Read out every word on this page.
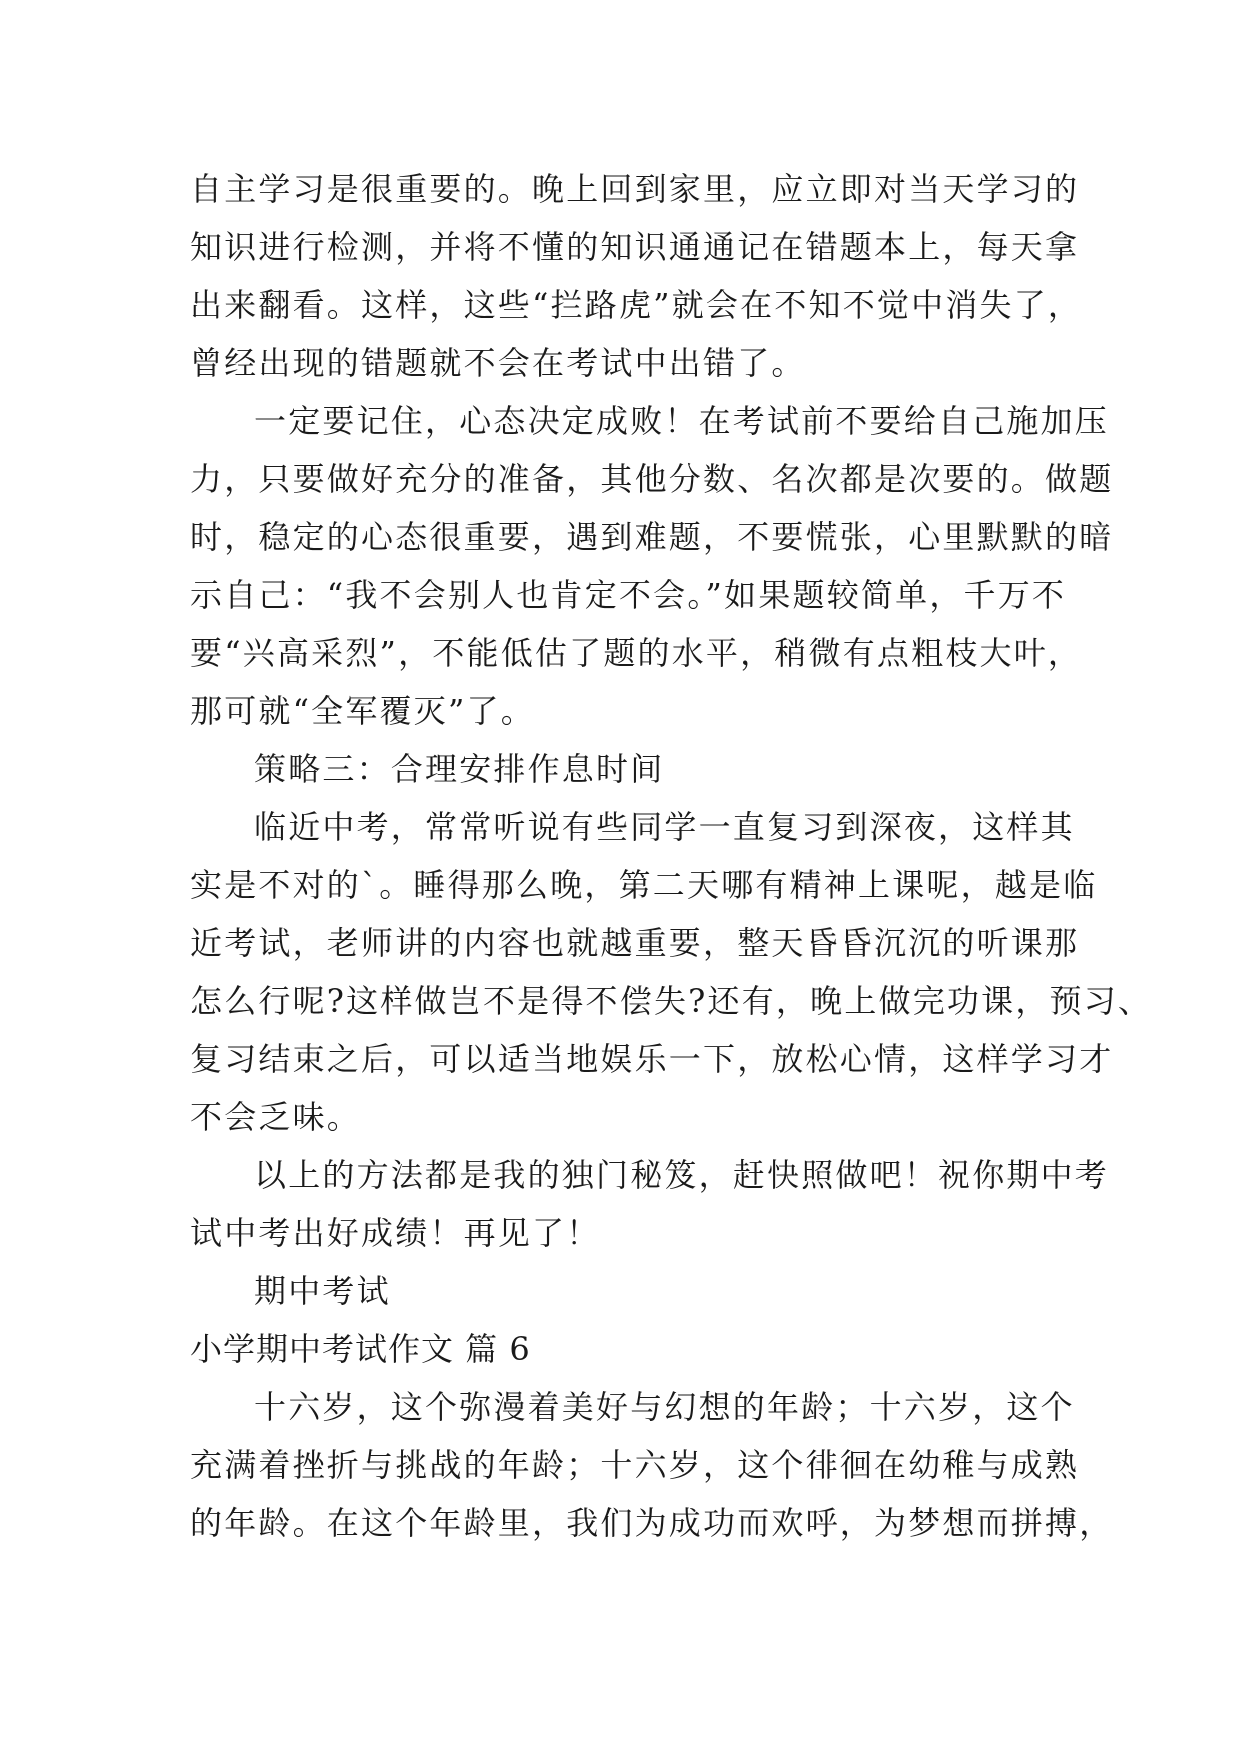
自主学习是很重要的。晚上回到家里，应立即对当天学习的
知识进行检测，并将不懂的知识通通记在错题本上，每天拿
出来翻看。这样，这些“拦路虎”就会在不知不觉中消失了，
曾经出现的错题就不会在考试中出错了。
一定要记住，心态决定成败！在考试前不要给自己施加压
力，只要做好充分的准备，其他分数、名次都是次要的。做题
时，稳定的心态很重要，遇到难题，不要慌张，心里默默的暗
示自己：“我不会别人也肯定不会。”如果题较简单，千万不
要“兴高采烈”，不能低估了题的水平，稍微有点粗枝大叶，
那可就“全军覆灭”了。
策略三：合理安排作息时间
临近中考，常常听说有些同学一直复习到深夜，这样其
实是不对的`。睡得那么晚，第二天哪有精神上课呢，越是临
近考试，老师讲的内容也就越重要，整天昏昏沉沉的听课那
怎么行呢?这样做岂不是得不偿失?还有，晚上做完功课，预习、
复习结束之后，可以适当地娱乐一下，放松心情，这样学习才
不会乏味。
以上的方法都是我的独门秘笈，赶快照做吧！祝你期中考
试中考出好成绩！再见了！
期中考试
小学期中考试作文 篇 6
十六岁，这个弥漫着美好与幻想的年龄；十六岁，这个
充满着挫折与挑战的年龄；十六岁，这个徘徊在幼稚与成熟
的年龄。在这个年龄里，我们为成功而欢呼，为梦想而拼搏，
